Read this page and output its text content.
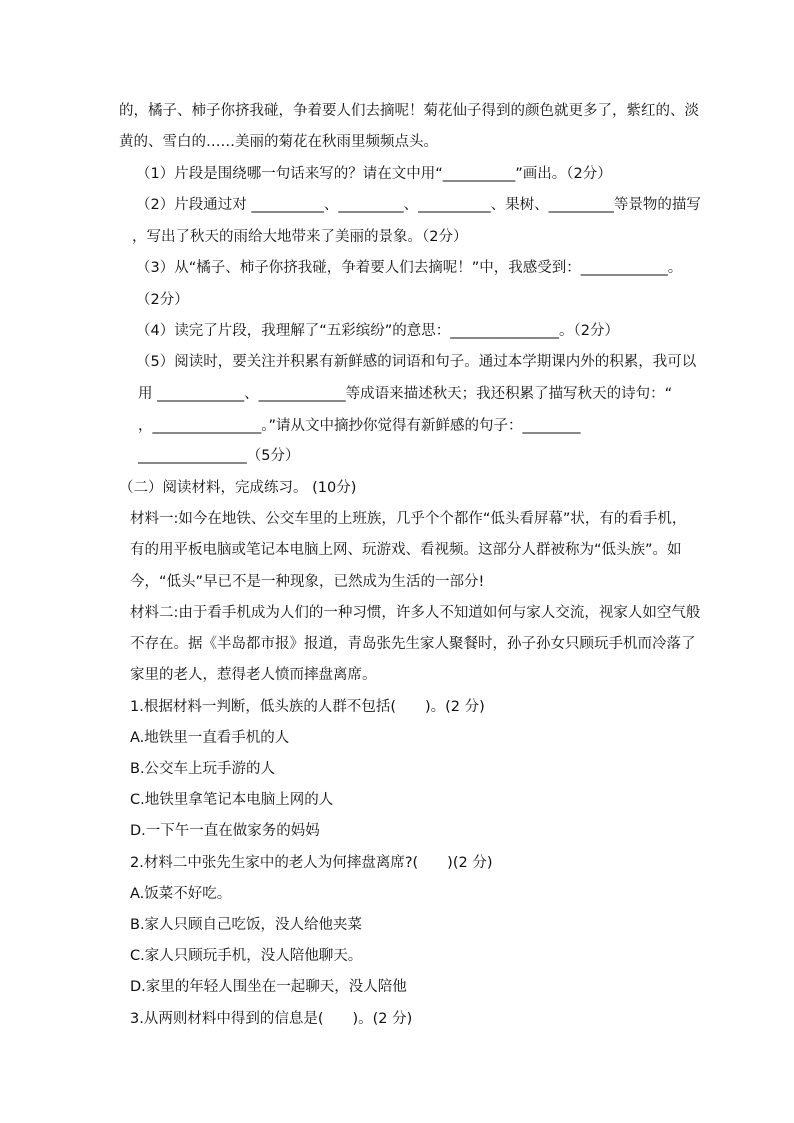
的，橘子、柿子你挤我碰，争着要人们去摘呢！菊花仙子得到的颜色就更多了，紫红的、淡
黄的、雪白的……美丽的菊花在秋雨里频频点头。
（1）片段是围绕哪一句话来写的？请在文中用“__________”画出。（2分）
（2）片段通过对 __________、_________、__________、果树、_________等景物的描写
，写出了秋天的雨给大地带来了美丽的景象。（2分）
（3）从“橘子、柿子你挤我碰，争着要人们去摘呢！”中，我感受到：____________。
（2分）
（4）读完了片段，我理解了“五彩缤纷”的意思：_______________。（2分）
（5）阅读时，要关注并积累有新鲜感的词语和句子。通过本学期课内外的积累，我可以
用 ____________、____________等成语来描述秋天；我还积累了描写秋天的诗句：“
，_______________。”请从文中摘抄你觉得有新鲜感的句子：________
_______________（5分）
（二）阅读材料，完成练习。 (10分)
材料一:如今在地铁、公交车里的上班族，几乎个个都作“低头看屏幕”状，有的看手机，
有的用平板电脑或笔记本电脑上网、玩游戏、看视频。这部分人群被称为“低头族”。如
今，“低头”早已不是一种现象，已然成为生活的一部分!
材料二:由于看手机成为人们的一种习惯，许多人不知道如何与家人交流，视家人如空气般
不存在。据《半岛都市报》报道，青岛张先生家人聚餐时，孙子孙女只顾玩手机而冷落了
家里的老人，惹得老人愤而摔盘离席。
1.根据材料一判断，低头族的人群不包括(　　)。(2 分)
A.地铁里一直看手机的人
B.公交车上玩手游的人
C.地铁里拿笔记本电脑上网的人
D.一下午一直在做家务的妈妈
2.材料二中张先生家中的老人为何摔盘离席?(　　)(2 分)
A.饭菜不好吃。
B.家人只顾自己吃饭，没人给他夹菜
C.家人只顾玩手机，没人陪他聊天。
D.家里的年轻人围坐在一起聊天，没人陪他
3.从两则材料中得到的信息是(　　)。(2 分)
